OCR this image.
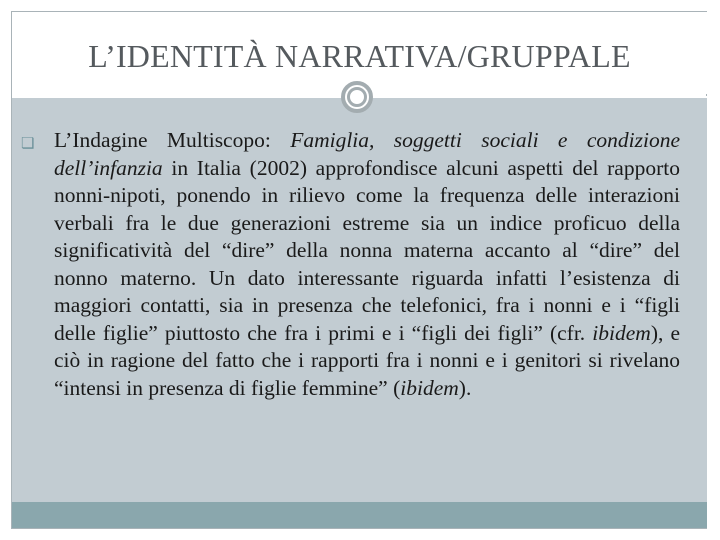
L’IDENTITÀ NARRATIVA/GRUPPALE
❏ L’Indagine Multiscopo: Famiglia, soggetti sociali e condizione dell’infanzia in Italia (2002) approfondisce alcuni aspetti del rapporto nonni-nipoti, ponendo in rilievo come la frequenza delle interazioni verbali fra le due generazioni estreme sia un indice proficuo della significatività del “dire” della nonna materna accanto al “dire” del nonno materno. Un dato interessante riguarda infatti l’esistenza di maggiori contatti, sia in presenza che telefonici, fra i nonni e i “figli delle figlie” piuttosto che fra i primi e i “figli dei figli” (cfr. ibidem), e ciò in ragione del fatto che i rapporti fra i nonni e i genitori si rivelano “intensi in presenza di figlie femmine” (ibidem).
